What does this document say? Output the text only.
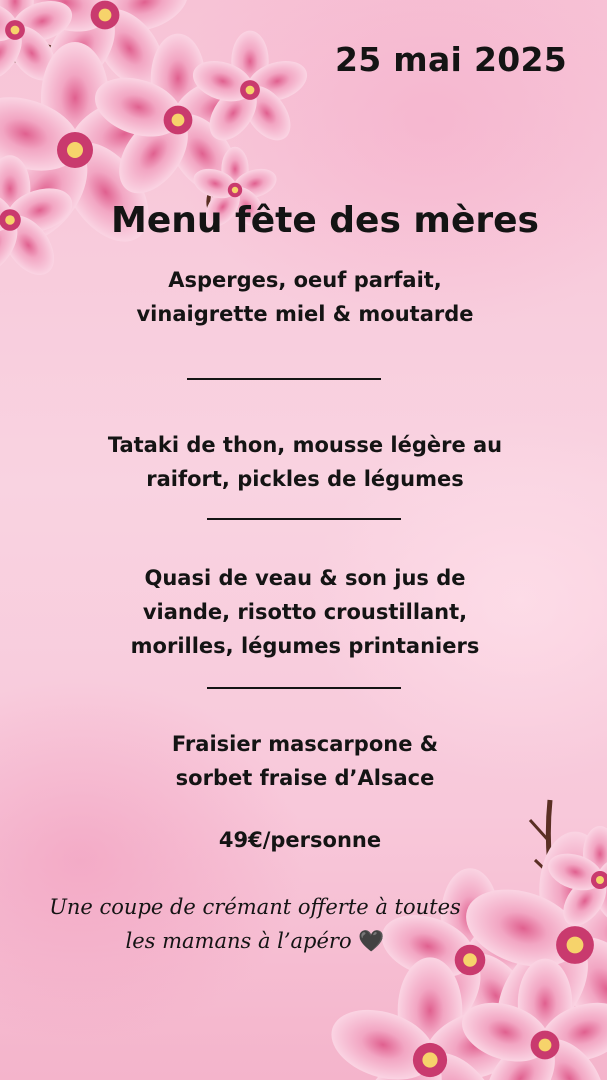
25 mai 2025
Menu fête des mères
Asperges, oeuf parfait,
vinaigrette miel & moutarde
Tataki de thon, mousse légère au
raifort, pickles de légumes
Quasi de veau & son jus de
viande, risotto croustillant,
morilles, légumes printaniers
Fraisier mascarpone &
sorbet fraise d’Alsace
49€/personne
Une coupe de crémant offerte à toutes
les mamans à l’apéro 🖤
